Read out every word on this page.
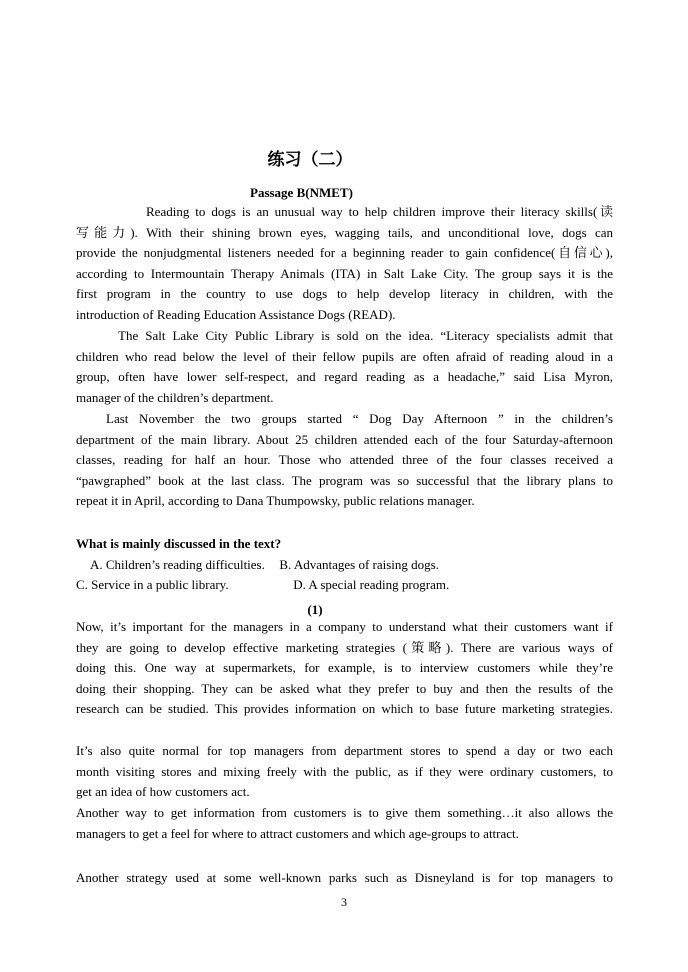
练习（二）
Passage B(NMET)

Reading to dogs is an unusual way to help children improve their literacy skills(读

写能力). With their shining brown eyes, wagging tails, and unconditional love, dogs can

provide the nonjudgmental listeners needed for a beginning reader to gain confidence(自信心),

according to Intermountain Therapy Animals (ITA) in Salt Lake City. The group says it is the

first program in the country to use dogs to help develop literacy in children, with the

introduction of Reading Education Assistance Dogs (READ).

The Salt Lake City Public Library is sold on the idea. “Literacy specialists admit that

children who read below the level of their fellow pupils are often afraid of reading aloud in a

group, often have lower self-respect, and regard reading as a headache,” said Lisa Myron,

manager of the children’s department.

Last November the two groups started “ Dog Day Afternoon ” in the children’s

department of the main library. About 25 children attended each of the four Saturday-afternoon

classes, reading for half an hour. Those who attended three of the four classes received a

“pawgraphed” book at the last class. The program was so successful that the library plans to

repeat it in April, according to Dana Thumpowsky, public relations manager.

What is mainly discussed in the text?

A. Children’s reading difficulties. B. Advantages of raising dogs.

C. Service in a public library.	D. A special reading program.

(1)

Now, it’s important for the managers in a company to understand what their customers want if

they are going to develop effective marketing strategies (策略). There are various ways of

doing this. One way at supermarkets, for example, is to interview customers while they’re

doing their shopping. They can be asked what they prefer to buy and then the results of the

research can be studied. This provides information on which to base future marketing strategies.

It’s also quite normal for top managers from department stores to spend a day or two each

month visiting stores and mixing freely with the public, as if they were ordinary customers, to

get an idea of how customers act.

Another way to get information from customers is to give them something…it also allows the

managers to get a feel for where to attract customers and which age-groups to attract.

Another strategy used at some well-known parks such as Disneyland is for top managers to

3
